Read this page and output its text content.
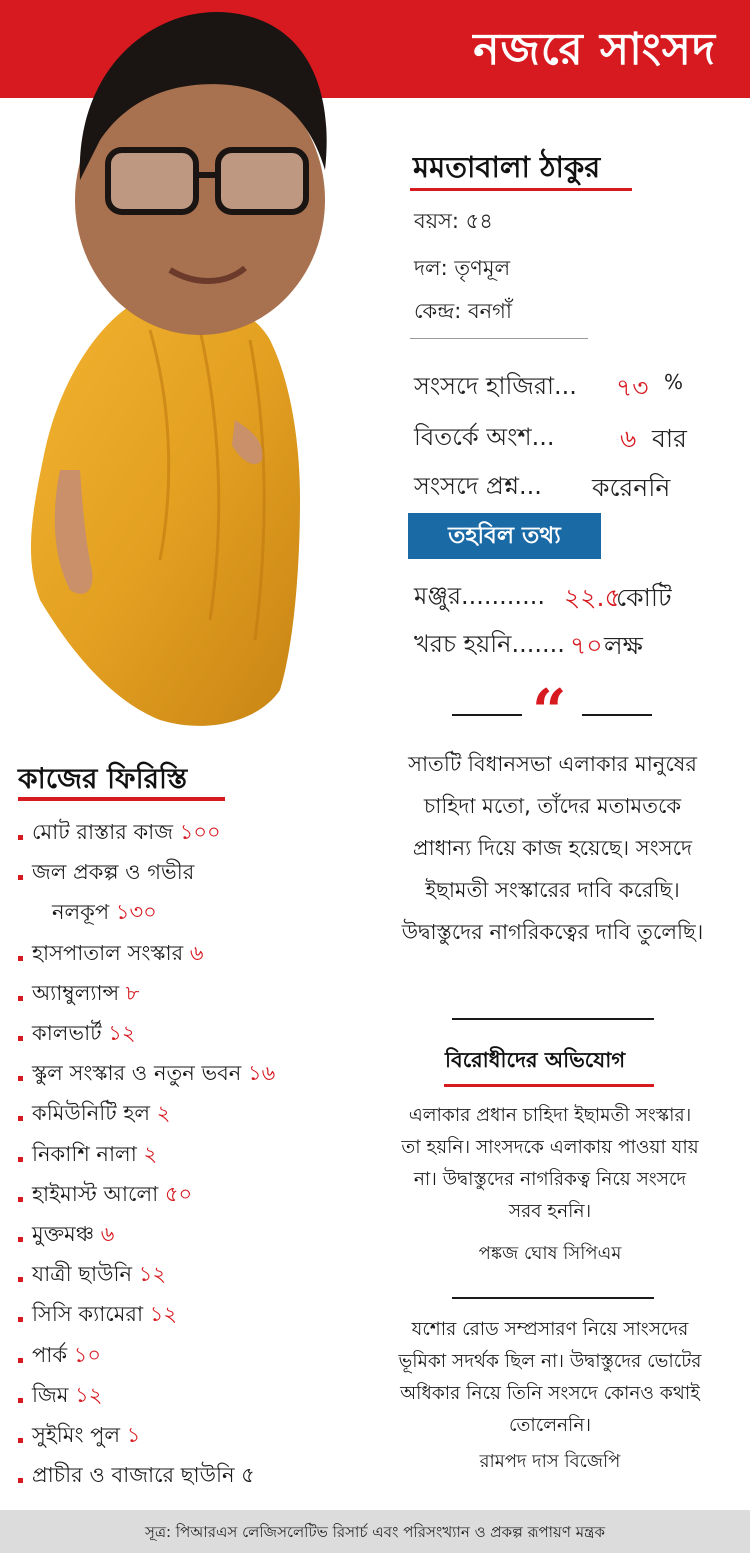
নজরে সাংসদ
মমতাবালা ঠাকুর
বয়স: ৫৪
দল: তৃণমূল
কেন্দ্র: বনগাঁ
সংসদে হাজিরা... ৭৩ %
বিতর্কে অংশ...	৬ বার
সংসদে প্রশ্ন... করেননি
তহবিল তথ্য
মঞ্জুর........... ২২.৫
কোটি
খরচ হয়নি....... ৭০ লক্ষ
“
সাতটি বিধানসভা এলাকার মানুষের
চাহিদা মতো, তাঁদের মতামতকে
প্রাধান্য দিয়ে কাজ হয়েছে। সংসদে
ইছামতী সংস্কারের দাবি করেছি।
উদ্বাস্তুদের নাগরিকত্বের দাবি তুলেছি।
কাজের ফিরিস্তি
মোট রাস্তার কাজ ১০০
জল প্রকল্প ও গভীর
নলকূপ ১৩০
হাসপাতাল সংস্কার ৬
অ্যাম্বুল্যান্স ৮
কালভার্ট ১২
স্কুল সংস্কার ও নতুন ভবন ১৬
কমিউনিটি হল ২
নিকাশি নালা ২
হাইমাস্ট আলো ৫০
মুক্তমঞ্চ ৬
যাত্রী ছাউনি ১২
সিসি ক্যামেরা ১২
পার্ক ১০
জিম ১২
সুইমিং পুল ১
প্রাচীর ও বাজারে ছাউনি ৫
বিরোধীদের অভিযোগ
এলাকার প্রধান চাহিদা ইছামতী সংস্কার।
তা হয়নি। সাংসদকে এলাকায় পাওয়া যায়
না। উদ্বাস্তুদের নাগরিকত্ব নিয়ে সংসদে
সরব হননি।
পঙ্কজ ঘোষ সিপিএম
যশোর রোড সম্প্রসারণ নিয়ে সাংসদের
ভূমিকা সদর্থক ছিল না। উদ্বাস্তুদের ভোটের
অধিকার নিয়ে তিনি সংসদে কোনও কথাই
তোলেননি।
রামপদ দাস বিজেপি
সূত্র: পিআরএস লেজিসলেটিভ রিসার্চ এবং পরিসংখ্যান ও প্রকল্প রূপায়ণ মন্ত্রক
